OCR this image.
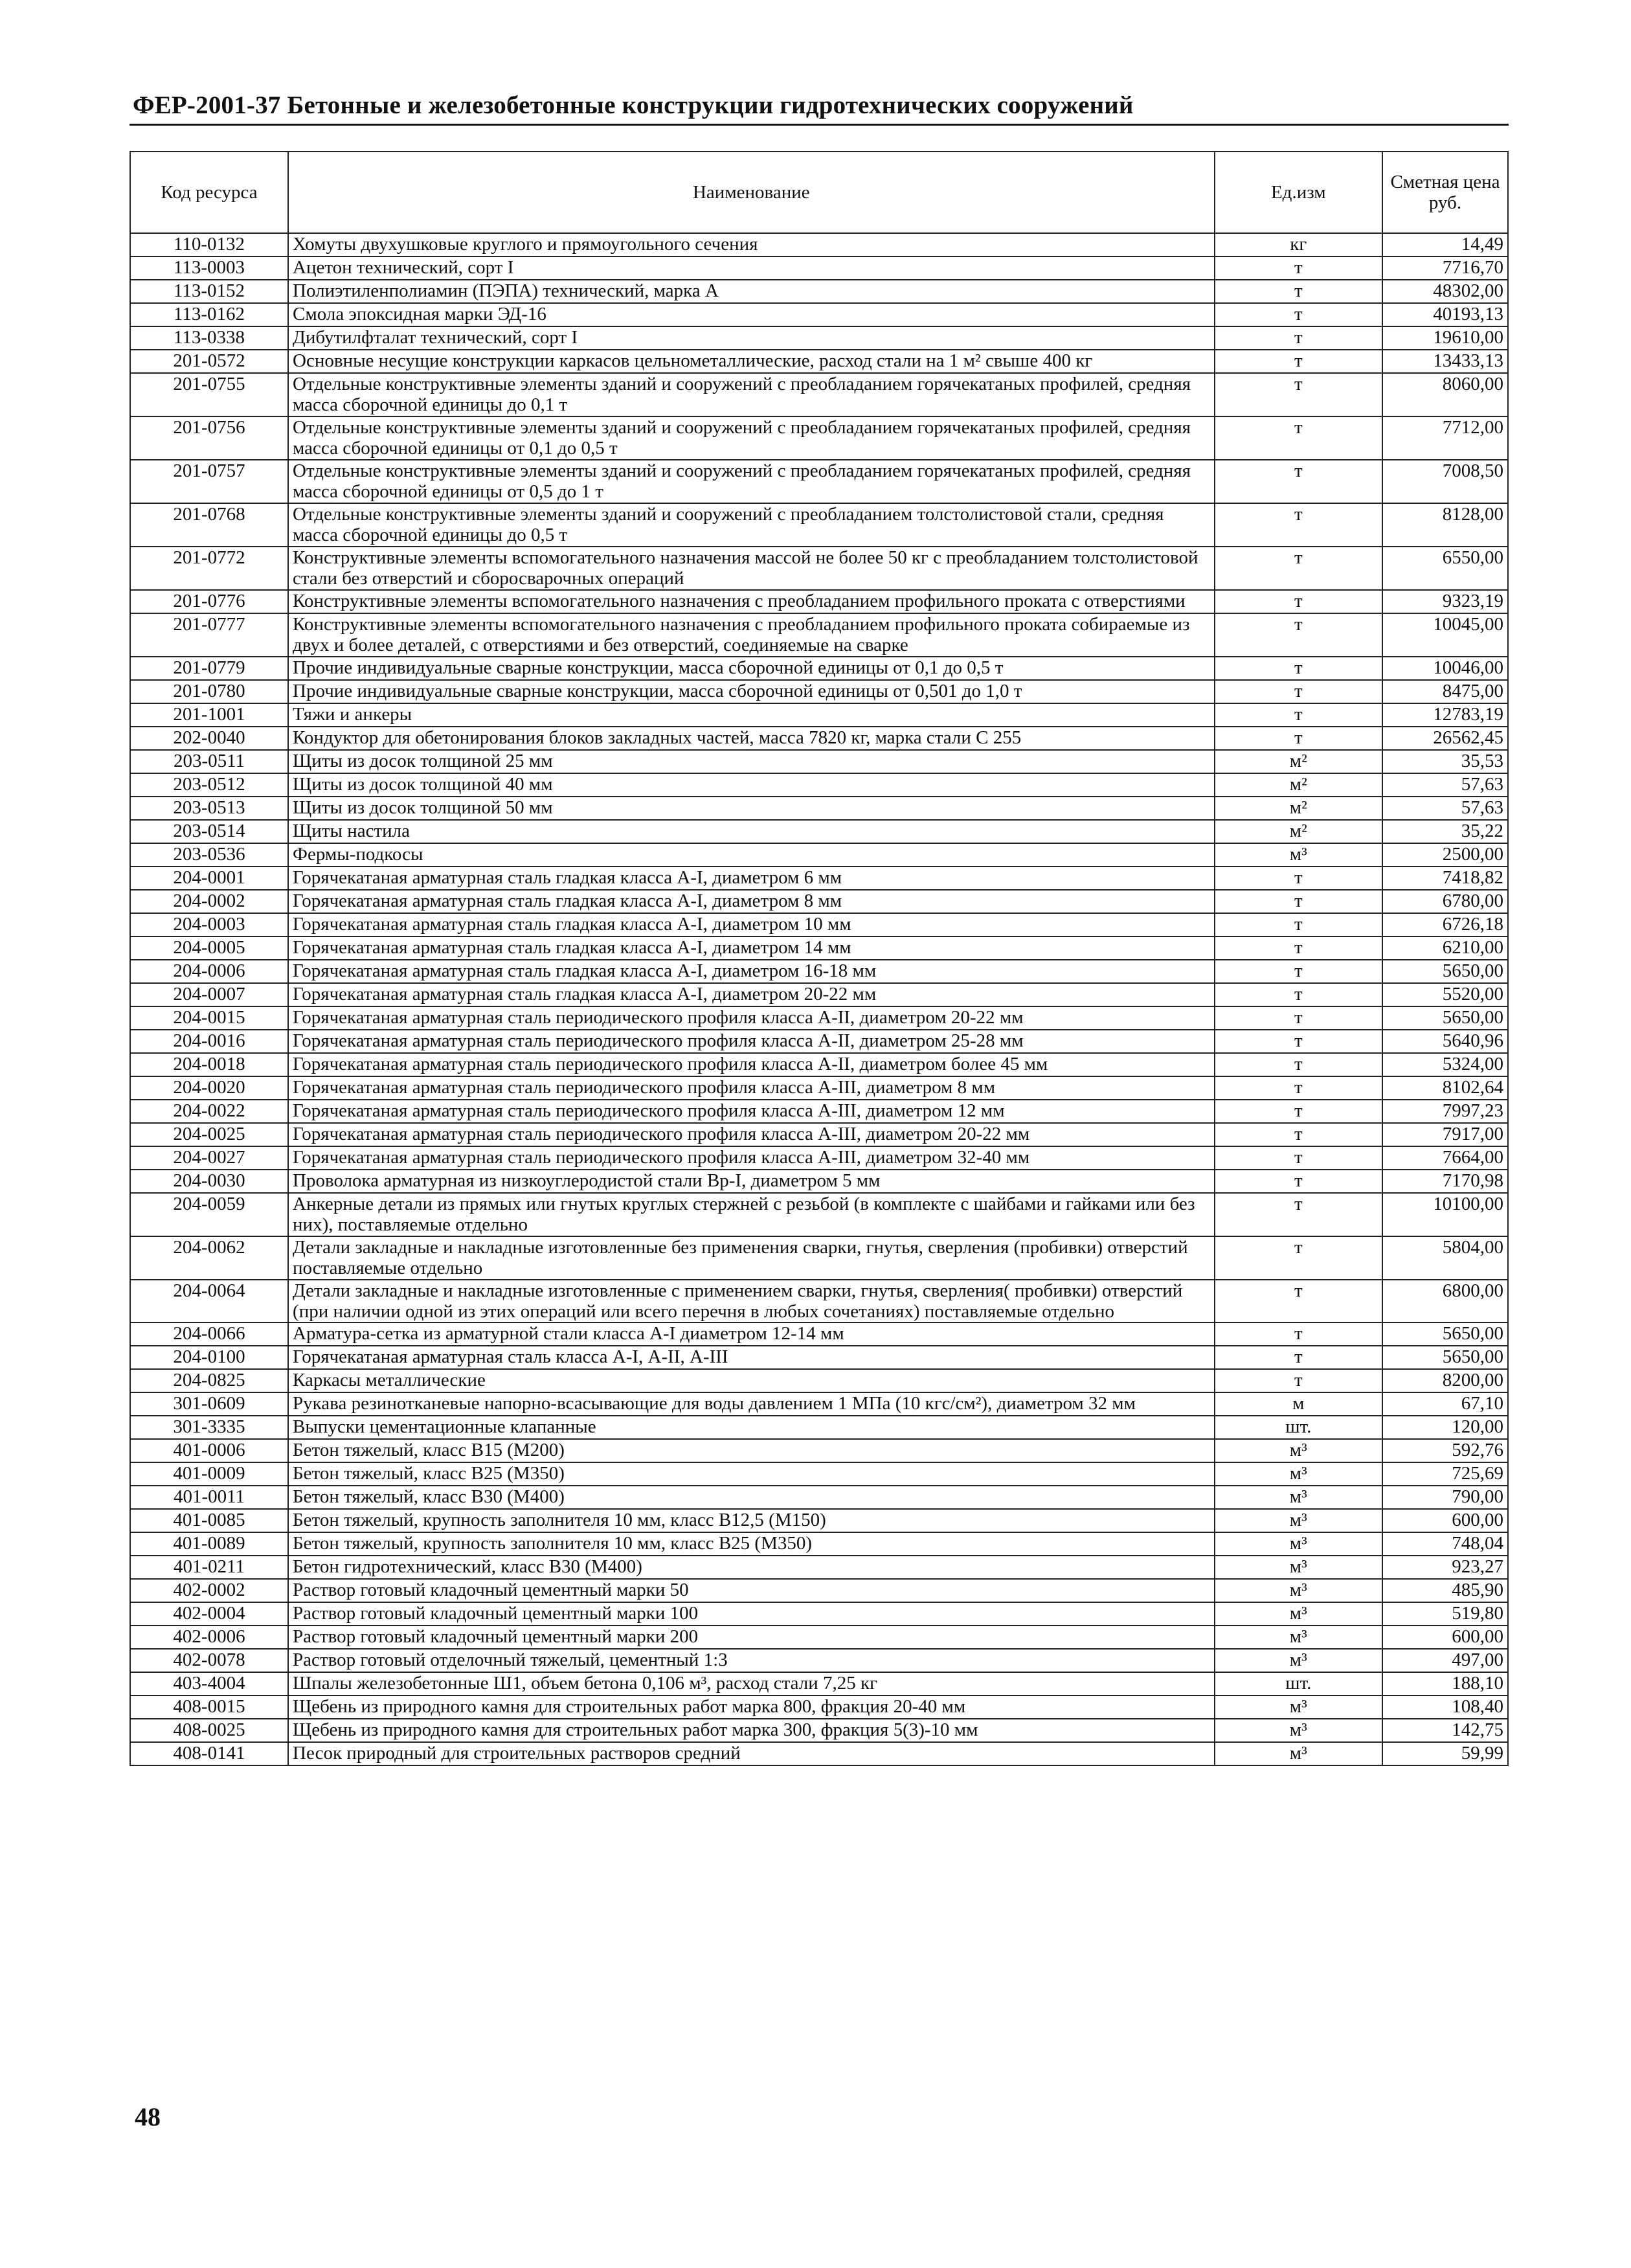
ФЕР-2001-37 Бетонные и железобетонные конструкции гидротехнических сооружений
Код ресурса	Наименование	Ед.изм	Сметная цена руб.
110-0132	Хомуты двухушковые круглого и прямоугольного сечения	кг	14,49
113-0003	Ацетон технический, сорт I	т	7716,70
113-0152	Полиэтиленполиамин (ПЭПА) технический, марка А	т	48302,00
113-0162	Смола эпоксидная марки ЭД-16	т	40193,13
113-0338	Дибутилфталат технический, сорт I	т	19610,00
201-0572	Основные несущие конструкции каркасов цельнометаллические, расход стали на 1 м² свыше 400 кг	т	13433,13
201-0755	Отдельные конструктивные элементы зданий и сооружений с преобладанием горячекатаных профилей, средняя масса сборочной единицы до 0,1 т	т	8060,00
201-0756	Отдельные конструктивные элементы зданий и сооружений с преобладанием горячекатаных профилей, средняя масса сборочной единицы от 0,1 до 0,5 т	т	7712,00
201-0757	Отдельные конструктивные элементы зданий и сооружений с преобладанием горячекатаных профилей, средняя масса сборочной единицы от 0,5 до 1 т	т	7008,50
201-0768	Отдельные конструктивные элементы зданий и сооружений с преобладанием толстолистовой стали, средняя масса сборочной единицы до 0,5 т	т	8128,00
201-0772	Конструктивные элементы вспомогательного назначения массой не более 50 кг с преобладанием толстолистовой стали без отверстий и сборосварочных операций	т	6550,00
201-0776	Конструктивные элементы вспомогательного назначения с преобладанием профильного проката с отверстиями	т	9323,19
201-0777	Конструктивные элементы вспомогательного назначения с преобладанием профильного проката собираемые из двух и более деталей, с отверстиями и без отверстий, соединяемые на сварке	т	10045,00
201-0779	Прочие индивидуальные сварные конструкции, масса сборочной единицы от 0,1 до 0,5 т	т	10046,00
201-0780	Прочие индивидуальные сварные конструкции, масса сборочной единицы от 0,501 до 1,0 т	т	8475,00
201-1001	Тяжи и анкеры	т	12783,19
202-0040	Кондуктор для обетонирования блоков закладных частей, масса 7820 кг, марка стали С 255	т	26562,45
203-0511	Щиты из досок толщиной 25 мм	м²	35,53
203-0512	Щиты из досок толщиной 40 мм	м²	57,63
203-0513	Щиты из досок толщиной 50 мм	м²	57,63
203-0514	Щиты настила	м²	35,22
203-0536	Фермы-подкосы	м³	2500,00
204-0001	Горячекатаная арматурная сталь гладкая класса А-I, диаметром 6 мм	т	7418,82
204-0002	Горячекатаная арматурная сталь гладкая класса А-I, диаметром 8 мм	т	6780,00
204-0003	Горячекатаная арматурная сталь гладкая класса А-I, диаметром 10 мм	т	6726,18
204-0005	Горячекатаная арматурная сталь гладкая класса А-I, диаметром 14 мм	т	6210,00
204-0006	Горячекатаная арматурная сталь гладкая класса А-I, диаметром 16-18 мм	т	5650,00
204-0007	Горячекатаная арматурная сталь гладкая класса А-I, диаметром 20-22 мм	т	5520,00
204-0015	Горячекатаная арматурная сталь периодического профиля класса А-II, диаметром 20-22 мм	т	5650,00
204-0016	Горячекатаная арматурная сталь периодического профиля класса А-II, диаметром 25-28 мм	т	5640,96
204-0018	Горячекатаная арматурная сталь периодического профиля класса А-II, диаметром более 45 мм	т	5324,00
204-0020	Горячекатаная арматурная сталь периодического профиля класса А-III, диаметром 8 мм	т	8102,64
204-0022	Горячекатаная арматурная сталь периодического профиля класса А-III, диаметром 12 мм	т	7997,23
204-0025	Горячекатаная арматурная сталь периодического профиля класса А-III, диаметром 20-22 мм	т	7917,00
204-0027	Горячекатаная арматурная сталь периодического профиля класса А-III, диаметром 32-40 мм	т	7664,00
204-0030	Проволока арматурная из низкоуглеродистой стали Вр-I, диаметром 5 мм	т	7170,98
204-0059	Анкерные детали из прямых или гнутых круглых стержней с резьбой (в комплекте с шайбами и гайками или без них), поставляемые отдельно	т	10100,00
204-0062	Детали закладные и накладные изготовленные без применения сварки, гнутья, сверления (пробивки) отверстий поставляемые отдельно	т	5804,00
204-0064	Детали закладные и накладные изготовленные с применением сварки, гнутья, сверления( пробивки) отверстий (при наличии одной из этих операций или всего перечня в любых сочетаниях) поставляемые отдельно	т	6800,00
204-0066	Арматура-сетка из арматурной стали класса А-I диаметром 12-14 мм	т	5650,00
204-0100	Горячекатаная арматурная сталь класса А-I, А-II, А-III	т	5650,00
204-0825	Каркасы металлические	т	8200,00
301-0609	Рукава резинотканевые напорно-всасывающие для воды давлением 1 МПа (10 кгс/см²), диаметром 32 мм	м	67,10
301-3335	Выпуски цементационные клапанные	шт.	120,00
401-0006	Бетон тяжелый, класс В15 (М200)	м³	592,76
401-0009	Бетон тяжелый, класс В25 (М350)	м³	725,69
401-0011	Бетон тяжелый, класс В30 (М400)	м³	790,00
401-0085	Бетон тяжелый, крупность заполнителя 10 мм, класс В12,5 (М150)	м³	600,00
401-0089	Бетон тяжелый, крупность заполнителя 10 мм, класс В25 (М350)	м³	748,04
401-0211	Бетон гидротехнический, класс В30 (М400)	м³	923,27
402-0002	Раствор готовый кладочный цементный марки 50	м³	485,90
402-0004	Раствор готовый кладочный цементный марки 100	м³	519,80
402-0006	Раствор готовый кладочный цементный марки 200	м³	600,00
402-0078	Раствор готовый отделочный тяжелый, цементный 1:3	м³	497,00
403-4004	Шпалы железобетонные Ш1, объем бетона 0,106 м³, расход стали 7,25 кг	шт.	188,10
408-0015	Щебень из природного камня для строительных работ марка 800, фракция 20-40 мм	м³	108,40
408-0025	Щебень из природного камня для строительных работ марка 300, фракция 5(3)-10 мм	м³	142,75
408-0141	Песок природный для строительных растворов средний	м³	59,99
48
